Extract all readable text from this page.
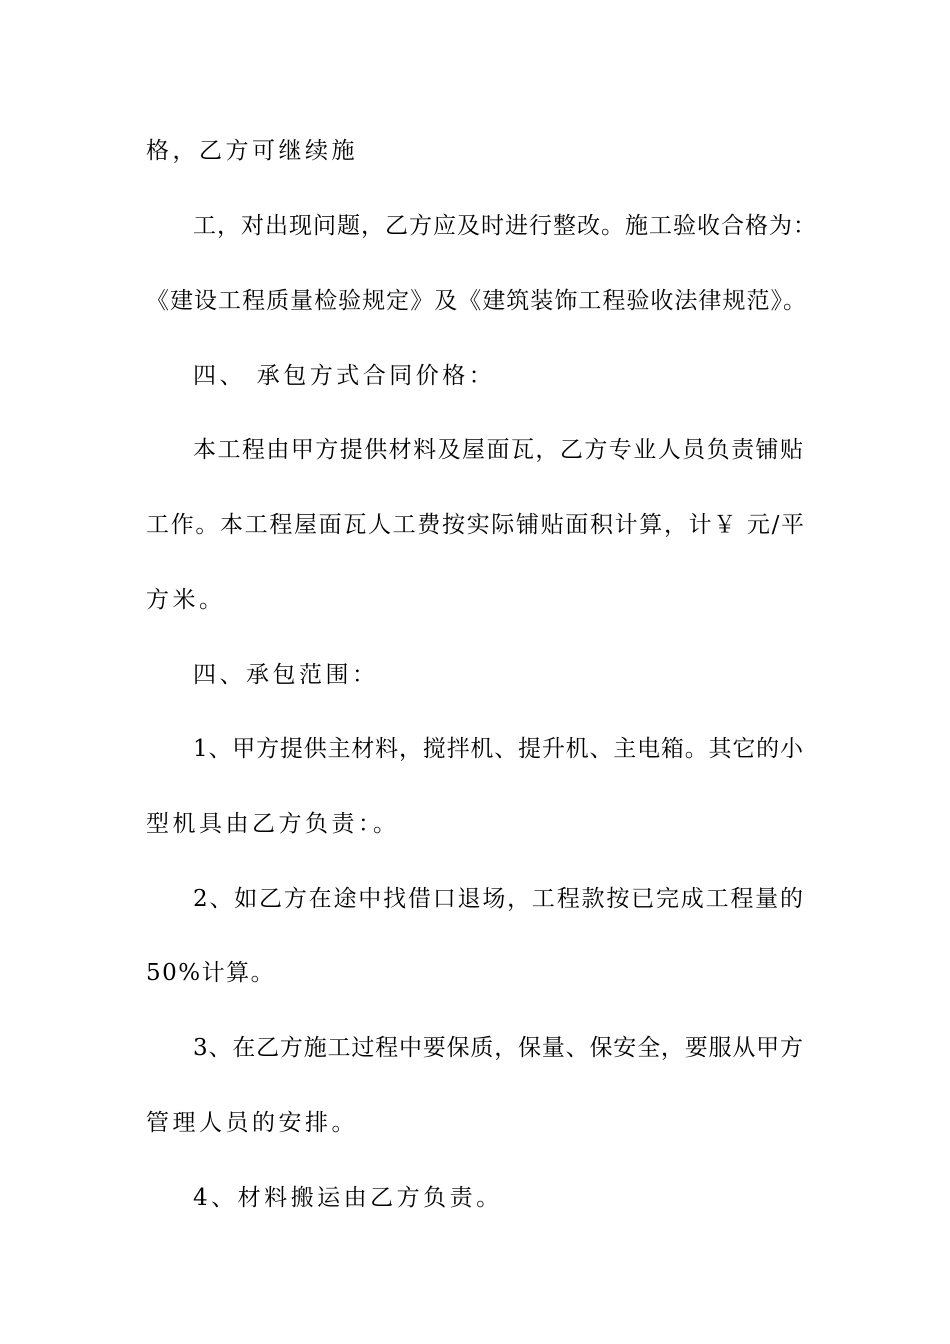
格，乙方可继续施
工，对出现问题，乙方应及时进行整改。施工验收合格为：
《建设工程质量检验规定》及《建筑装饰工程验收法律规范》。
四、 承包方式合同价格：
本工程由甲方提供材料及屋面瓦，乙方专业人员负责铺贴
工作。本工程屋面瓦人工费按实际铺贴面积计算，计￥ 元/平
方米。
四、承包范围：
1、甲方提供主材料，搅拌机、提升机、主电箱。其它的小
型机具由乙方负责：。
2、如乙方在途中找借口退场，工程款按已完成工程量的
50%计算。
3、在乙方施工过程中要保质，保量、保安全，要服从甲方
管理人员的安排。
4、材料搬运由乙方负责。
